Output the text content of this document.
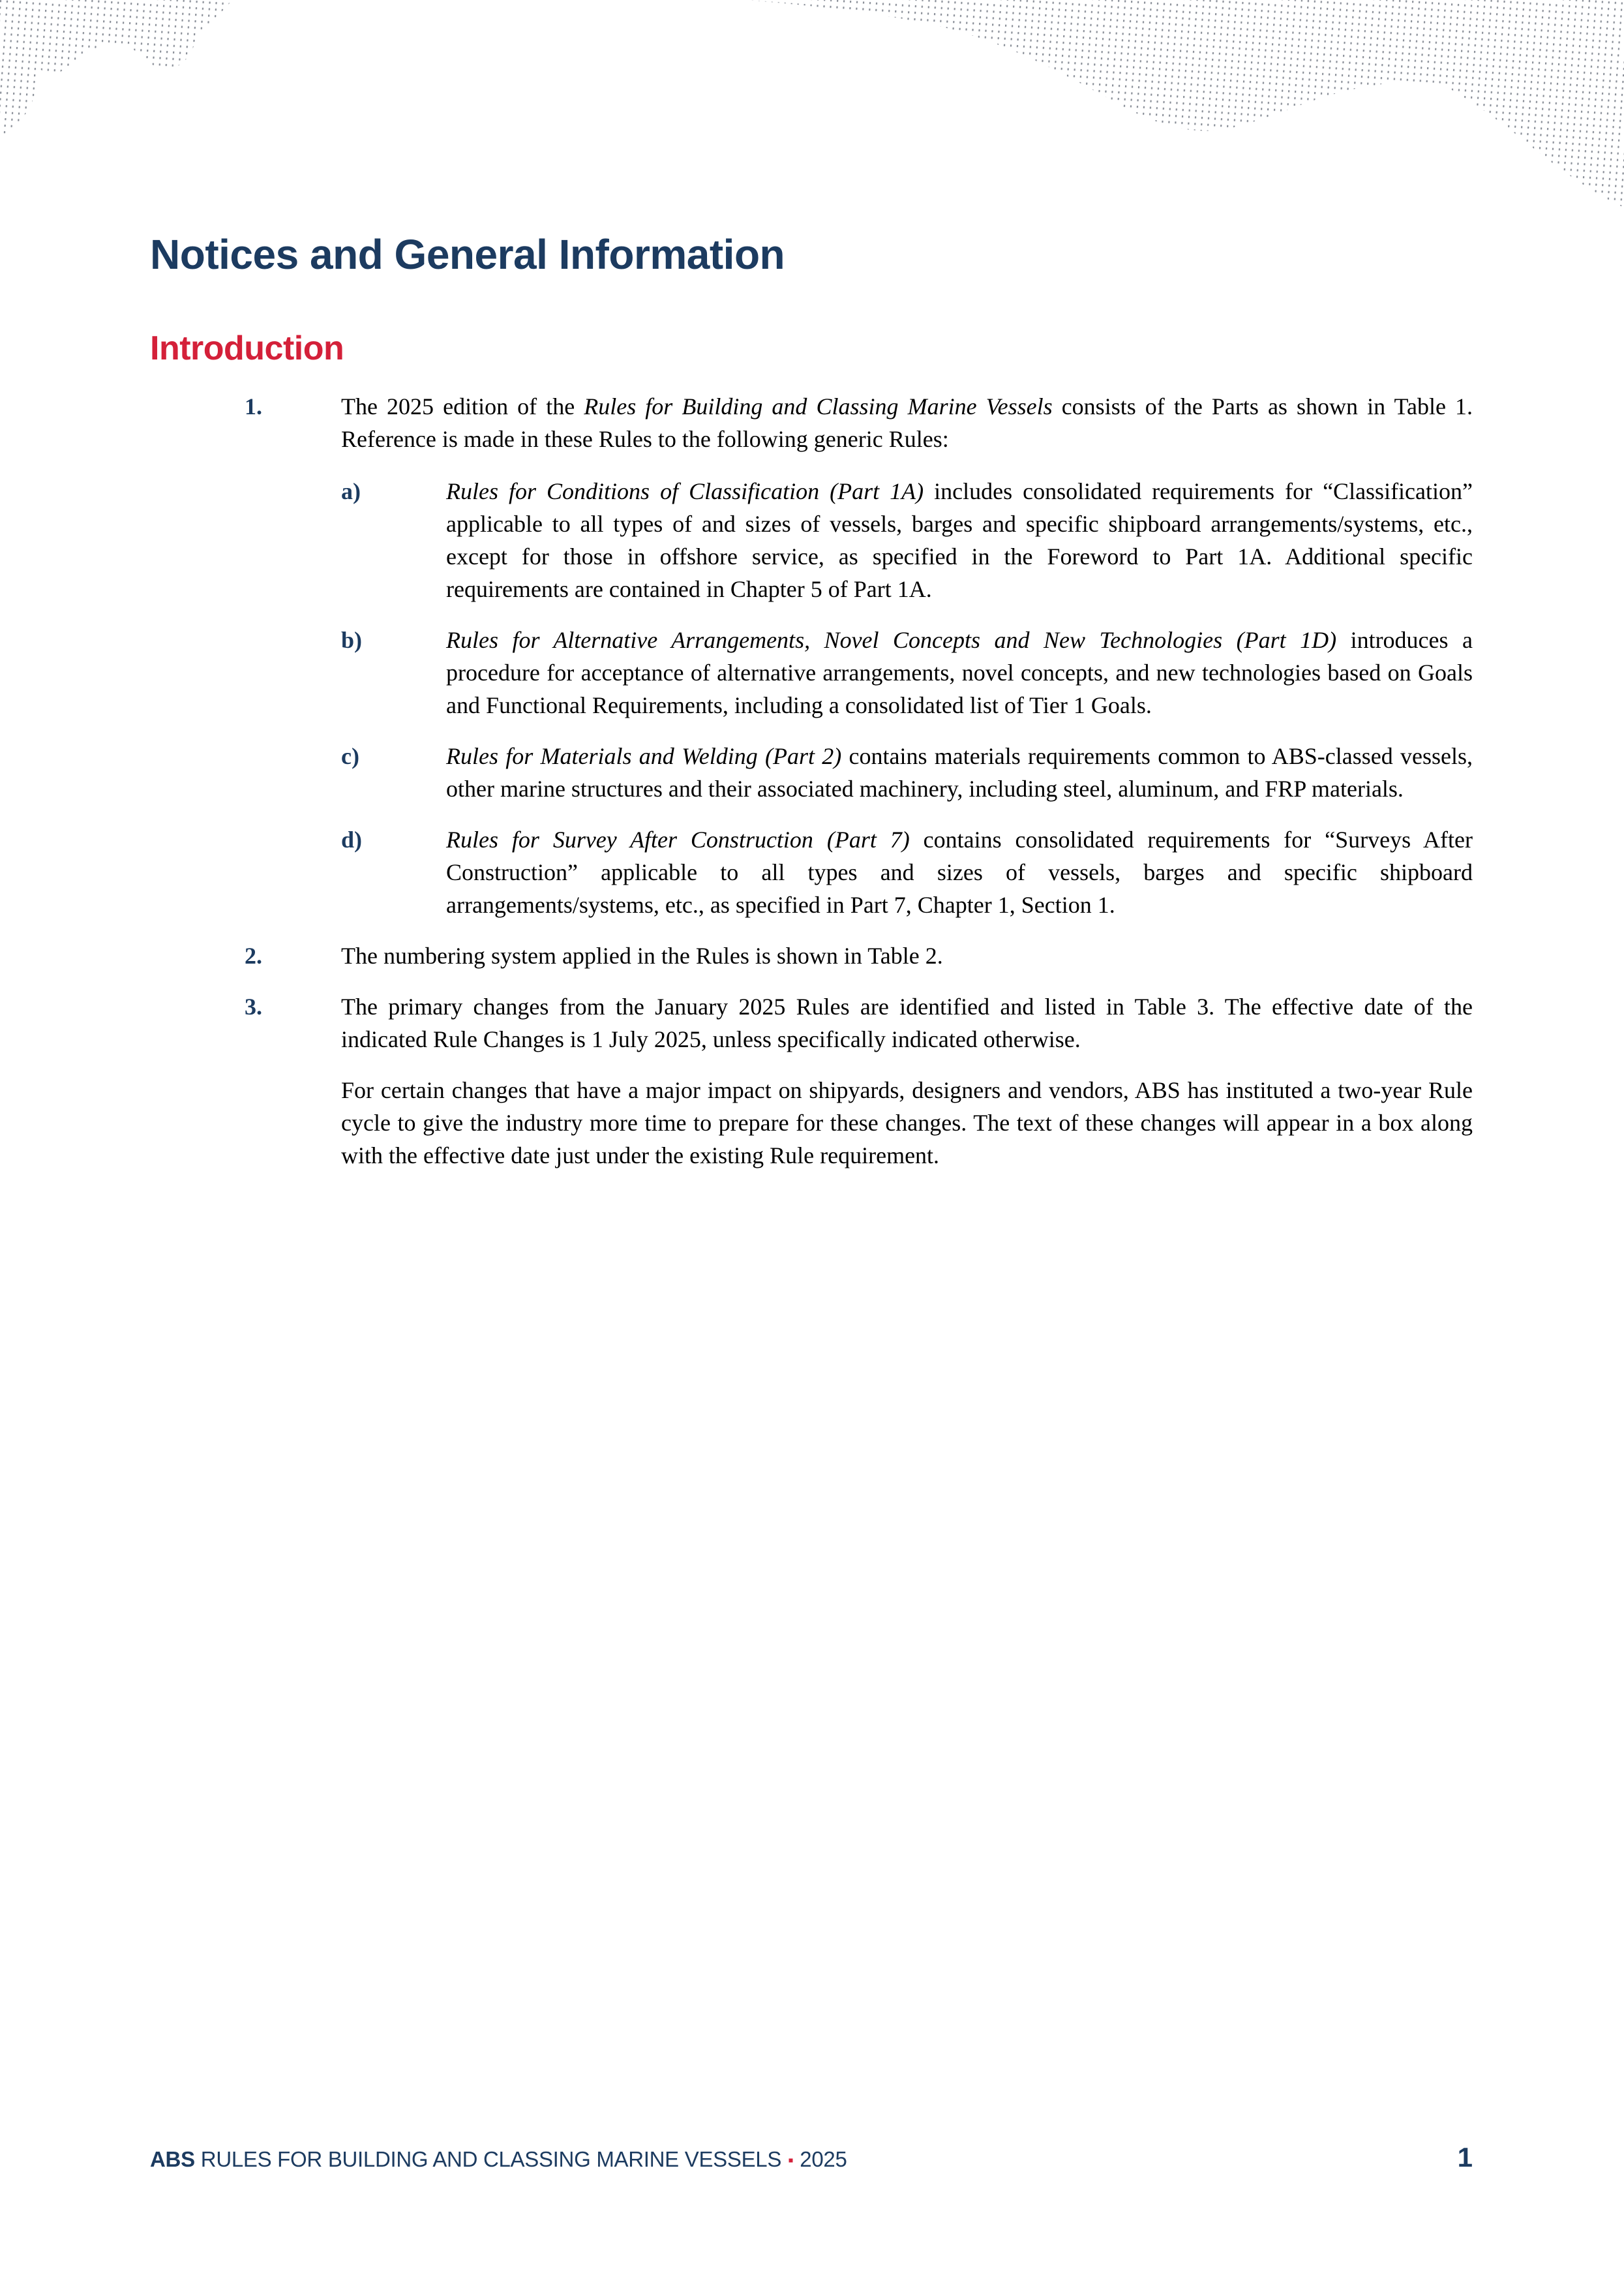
Notices and General Information
Introduction
1.	The 2025 edition of the Rules for Building and Classing Marine Vessels consists of the Parts as shown in Table 1. Reference is made in these Rules to the following generic Rules:

a)	Rules for Conditions of Classification (Part 1A) includes consolidated requirements for “Classification” applicable to all types of and sizes of vessels, barges and specific shipboard arrangements/systems, etc., except for those in offshore service, as specified in the Foreword to Part 1A. Additional specific requirements are contained in Chapter 5 of Part 1A.

b)	Rules for Alternative Arrangements, Novel Concepts and New Technologies (Part 1D) introduces a procedure for acceptance of alternative arrangements, novel concepts, and new technologies based on Goals and Functional Requirements, including a consolidated list of Tier 1 Goals.

c)	Rules for Materials and Welding (Part 2) contains materials requirements common to ABS-classed vessels, other marine structures and their associated machinery, including steel, aluminum, and FRP materials.

d)	Rules for Survey After Construction (Part 7) contains consolidated requirements for “Surveys After Construction” applicable to all types and sizes of vessels, barges and specific shipboard arrangements/systems, etc., as specified in Part 7, Chapter 1, Section 1.

2.	The numbering system applied in the Rules is shown in Table 2.

3.	The primary changes from the January 2025 Rules are identified and listed in Table 3. The effective date of the indicated Rule Changes is 1 July 2025, unless specifically indicated otherwise.

For certain changes that have a major impact on shipyards, designers and vendors, ABS has instituted a two-year Rule cycle to give the industry more time to prepare for these changes. The text of these changes will appear in a box along with the effective date just under the existing Rule requirement.

ABS RULES FOR BUILDING AND CLASSING MARINE VESSELS ▪ 2025	1
